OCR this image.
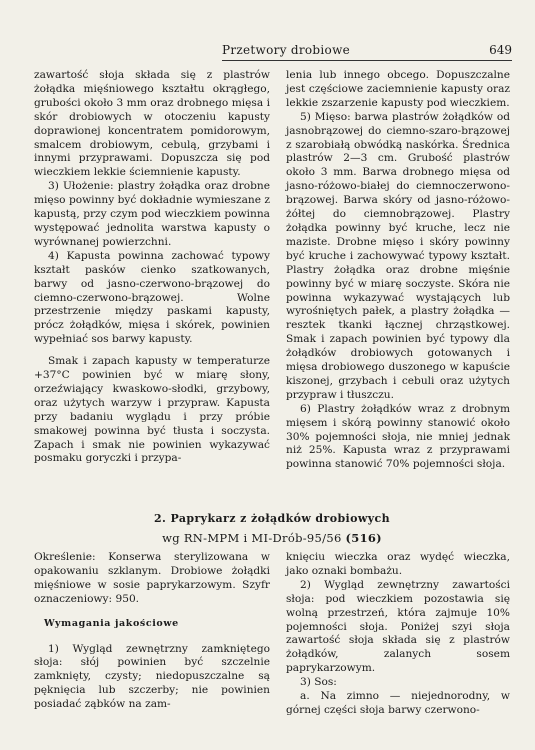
Przetwory drobiowe	649

zawartość słoja składa się z plastrów żołądka mięśniowego kształtu okrągłego, grubości około 3 mm oraz drobnego mięsa i skór drobiowych w otoczeniu kapusty doprawionej koncentratem pomidorowym, smalcem drobiowym, cebulą, grzybami i innymi przyprawami. Dopuszcza się pod wieczkiem lekkie ściemnienie kapusty.

3) Ułożenie: plastry żołądka oraz drobne mięso powinny być dokładnie wymieszane z kapustą, przy czym pod wieczkiem powinna występować jednolita warstwa kapusty o wyrównanej powierzchni.

4) Kapusta powinna zachować typowy kształt pasków cienko szatkowanych, barwy od jasno-czerwono-brązowej do ciemno-czerwono-brązowej. Wolne przestrzenie między paskami kapusty, prócz żołądków, mięsa i skórek, powinien wypełniać sos barwy kapusty.

Smak i zapach kapusty w temperaturze +37°C powinien być w miarę słony, orzeźwiający kwaskowo-słodki, grzybowy, oraz użytych warzyw i przypraw. Kapusta przy badaniu wyglądu i przy próbie smakowej powinna być tłusta i soczysta. Zapach i smak nie powinien wykazywać posmaku goryczki i przypa-

lenia lub innego obcego. Dopuszczalne jest częściowe zaciemnienie kapusty oraz lekkie zszarzenie kapusty pod wieczkiem.

5) Mięso: barwa plastrów żołądków od jasnobrązowej do ciemno-szaro-brązowej z szarobiałą obwódką naskórka. Średnica plastrów 2—3 cm. Grubość plastrów około 3 mm. Barwa drobnego mięsa od jasno-różowo-białej do ciemnoczerwono-brązowej. Barwa skóry od jasno-różowo-żółtej do ciemnobrązowej. Plastry żołądka powinny być kruche, lecz nie maziste. Drobne mięso i skóry powinny być kruche i zachowywać typowy kształt. Plastry żołądka oraz drobne mięśnie powinny być w miarę soczyste. Skóra nie powinna wykazywać wystających lub wyrośniętych pałek, a plastry żołądka — resztek tkanki łącznej chrząstkowej. Smak i zapach powinien być typowy dla żołądków drobiowych gotowanych i mięsa drobiowego duszonego w kapuście kiszonej, grzybach i cebuli oraz użytych przypraw i tłuszczu.

6) Plastry żołądków wraz z drobnym mięsem i skórą powinny stanowić około 30% pojemności słoja, nie mniej jednak niż 25%. Kapusta wraz z przyprawami powinna stanowić 70% pojemności słoja.

2. Paprykarz z żołądków drobiowych
wg RN-MPM i MI-Drób-95/56 (516)

Określenie: Konserwa sterylizowana w opakowaniu szklanym. Drobiowe żołądki mięśniowe w sosie paprykarzowym. Szyfr oznaczeniowy: 950.

Wymagania jakościowe

1) Wygląd zewnętrzny zamkniętego słoja: słój powinien być szczelnie zamknięty, czysty; niedopuszczalne są pęknięcia lub szczerby; nie powinien posiadać ząbków na zam-

knięciu wieczka oraz wydęć wieczka, jako oznaki bombażu.

2) Wygląd zewnętrzny zawartości słoja: pod wieczkiem pozostawia się wolną przestrzeń, która zajmuje 10% pojemności słoja. Poniżej szyi słoja zawartość słoja składa się z plastrów żołądków, zalanych sosem paprykarzowym.

3) Sos:

a. Na zimno — niejednorodny, w górnej części słoja barwy czerwono-
